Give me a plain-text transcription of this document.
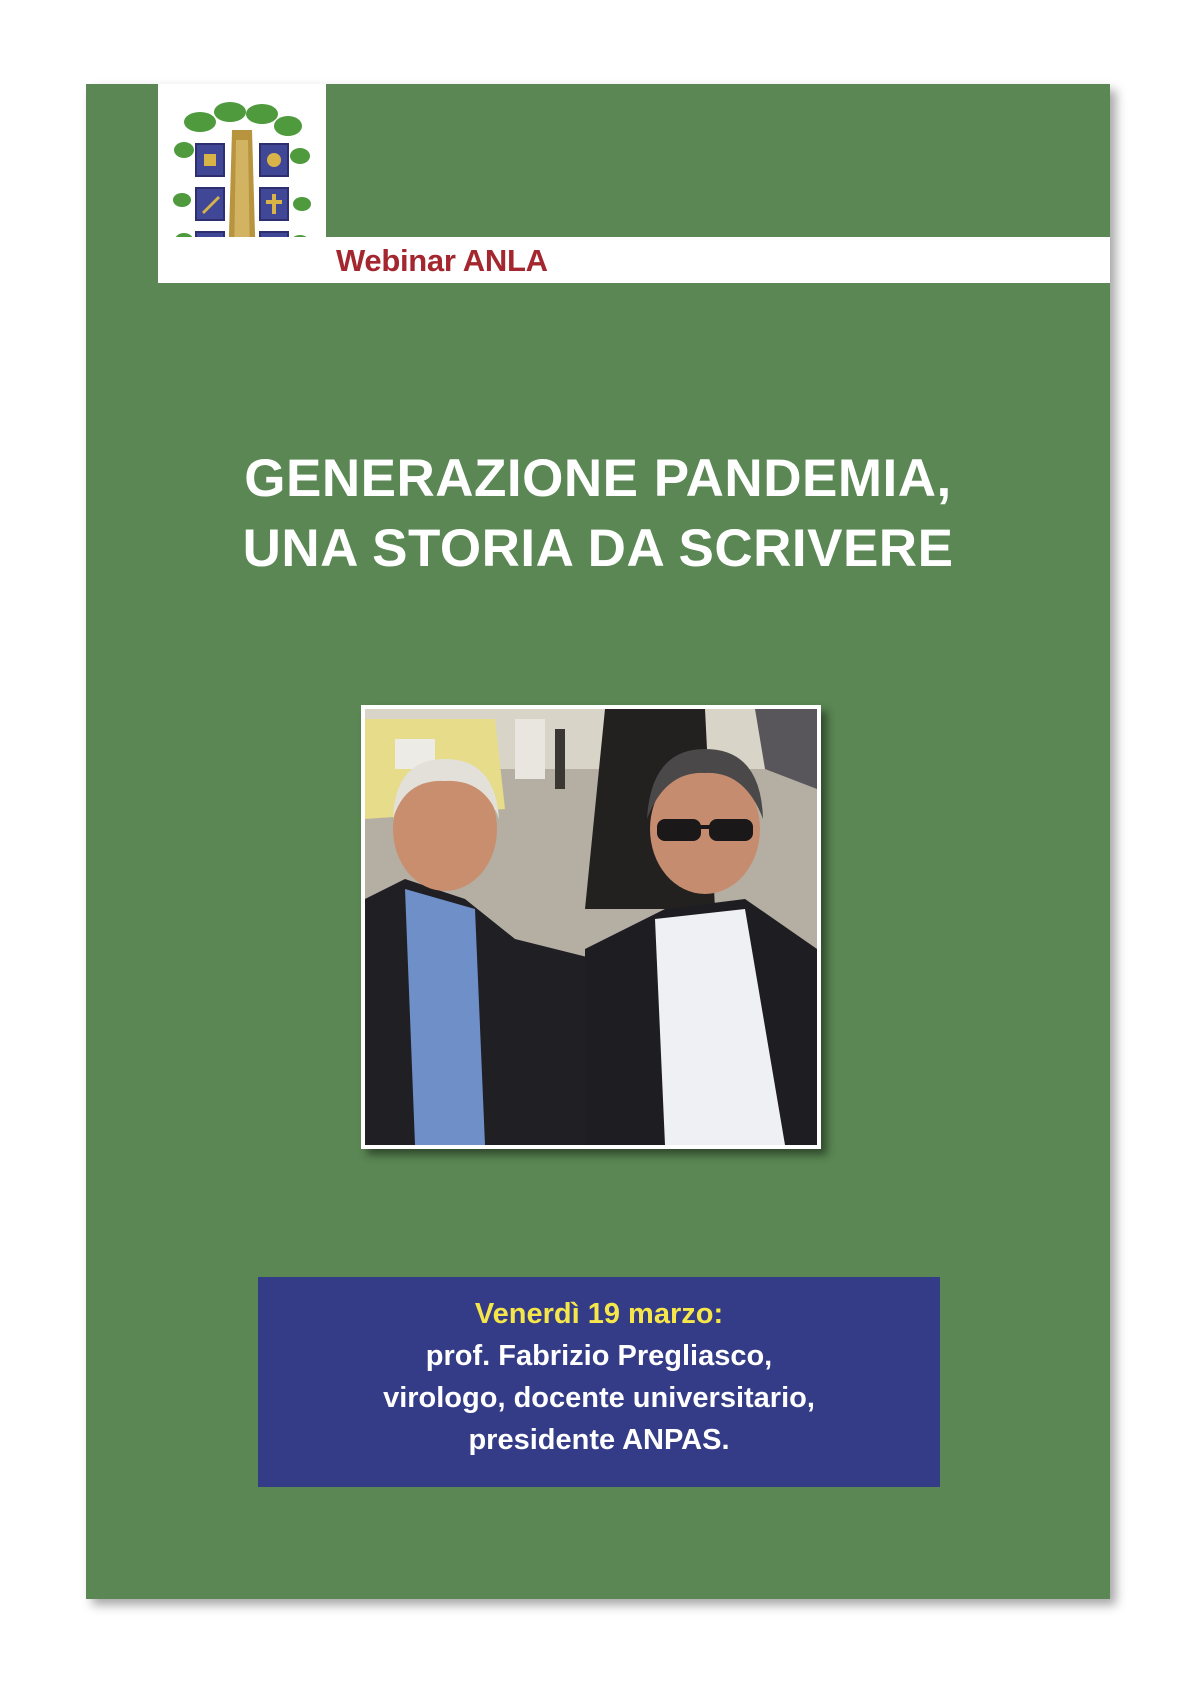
Webinar ANLA
GENERAZIONE PANDEMIA,
UNA STORIA DA SCRIVERE
Venerdì 19 marzo:
prof. Fabrizio Pregliasco,
virologo, docente universitario,
presidente ANPAS.
